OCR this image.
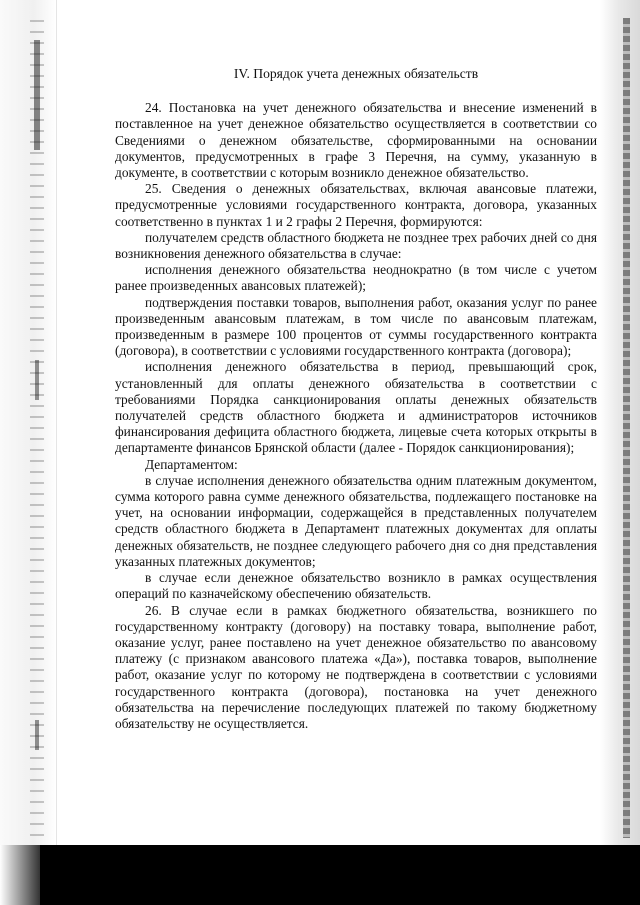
IV. Порядок учета денежных обязательств

24. Постановка на учет денежного обязательства и внесение изменений в поставленное на учет денежное обязательство осуществляется в соответствии со Сведениями о денежном обязательстве, сформированными на основании документов, предусмотренных в графе 3 Перечня, на сумму, указанную в документе, в соответствии с которым возникло денежное обязательство.

25. Сведения о денежных обязательствах, включая авансовые платежи, предусмотренные условиями государственного контракта, договора, указанных соответственно в пунктах 1 и 2 графы 2 Перечня, формируются:

получателем средств областного бюджета не позднее трех рабочих дней со дня возникновения денежного обязательства в случае:

исполнения денежного обязательства неоднократно (в том числе с учетом ранее произведенных авансовых платежей);

подтверждения поставки товаров, выполнения работ, оказания услуг по ранее произведенным авансовым платежам, в том числе по авансовым платежам, произведенным в размере 100 процентов от суммы государственного контракта (договора), в соответствии с условиями государственного контракта (договора);

исполнения денежного обязательства в период, превышающий срок, установленный для оплаты денежного обязательства в соответствии с требованиями Порядка санкционирования оплаты денежных обязательств получателей средств областного бюджета и администраторов источников финансирования дефицита областного бюджета, лицевые счета которых открыты в департаменте финансов Брянской области (далее - Порядок санкционирования);

Департаментом:

в случае исполнения денежного обязательства одним платежным документом, сумма которого равна сумме денежного обязательства, подлежащего постановке на учет, на основании информации, содержащейся в представленных получателем средств областного бюджета в Департамент платежных документах для оплаты денежных обязательств, не позднее следующего рабочего дня со дня представления указанных платежных документов;

в случае если денежное обязательство возникло в рамках осуществления операций по казначейскому обеспечению обязательств.

26. В случае если в рамках бюджетного обязательства, возникшего по государственному контракту (договору) на поставку товара, выполнение работ, оказание услуг, ранее поставлено на учет денежное обязательство по авансовому платежу (с признаком авансового платежа «Да»), поставка товаров, выполнение работ, оказание услуг по которому не подтверждена в соответствии с условиями государственного контракта (договора), постановка на учет денежного обязательства на перечисление последующих платежей по такому бюджетному обязательству не осуществляется.
